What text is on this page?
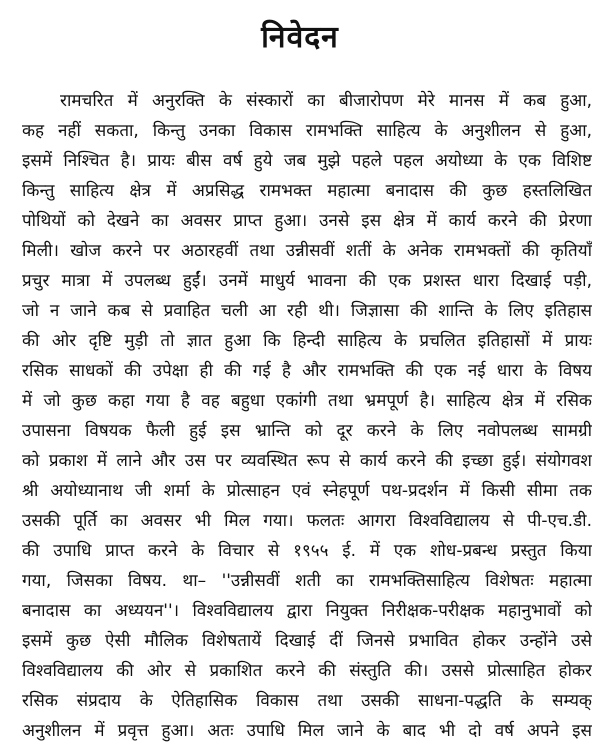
निवेदन
रामचरित में अनुरक्ति के संस्कारों का बीजारोपण मेरे मानस में कब हुआ,
कह नहीं सकता, किन्तु उनका विकास रामभक्ति साहित्य के अनुशीलन से हुआ,
इसमें निश्चित है। प्रायः बीस वर्ष हुये जब मुझे पहले पहल अयोध्या के एक विशिष्ट
किन्तु साहित्य क्षेत्र में अप्रसिद्ध रामभक्त महात्मा बनादास की कुछ हस्तलिखित
पोथियों को देखने का अवसर प्राप्त हुआ। उनसे इस क्षेत्र में कार्य करने की प्रेरणा
मिली। खोज करने पर अठारहवीं तथा उन्नीसवीं शतीं के अनेक रामभक्तों की कृतियाँ
प्रचुर मात्रा में उपलब्ध हुईं। उनमें माधुर्य भावना की एक प्रशस्त धारा दिखाई पड़ी,
जो न जाने कब से प्रवाहित चली आ रही थी। जिज्ञासा की शान्ति के लिए इतिहास
की ओर दृष्टि मुड़ी तो ज्ञात हुआ कि हिन्दी साहित्य के प्रचलित इतिहासों में प्रायः
रसिक साधकों की उपेक्षा ही की गई है और रामभक्ति की एक नई धारा के विषय
में जो कुछ कहा गया है वह बहुधा एकांगी तथा भ्रमपूर्ण है। साहित्य क्षेत्र में रसिक
उपासना विषयक फैली हुई इस भ्रान्ति को दूर करने के लिए नवोपलब्ध सामग्री
को प्रकाश में लाने और उस पर व्यवस्थित रूप से कार्य करने की इच्छा हुई। संयोगवश
श्री अयोध्यानाथ जी शर्मा के प्रोत्साहन एवं स्नेहपूर्ण पथ-प्रदर्शन में किसी सीमा तक
उसकी पूर्ति का अवसर भी मिल गया। फलतः आगरा विश्वविद्यालय से पी-एच.डी.
की उपाधि प्राप्त करने के विचार से १९५५ ई. में एक शोध-प्रबन्ध प्रस्तुत किया
गया, जिसका विषय. था– ''उन्नीसवीं शती का रामभक्तिसाहित्य विशेषतः महात्मा
बनादास का अध्ययन''। विश्वविद्यालय द्वारा नियुक्त निरीक्षक-परीक्षक महानुभावों को
इसमें कुछ ऐसी मौलिक विशेषतायें दिखाई दीं जिनसे प्रभावित होकर उन्होंने उसे
विश्वविद्यालय की ओर से प्रकाशित करने की संस्तुति की। उससे प्रोत्साहित होकर
रसिक संप्रदाय के ऐतिहासिक विकास तथा उसकी साधना-पद्धति के सम्यक्
अनुशीलन में प्रवृत्त हुआ। अतः उपाधि मिल जाने के बाद भी दो वर्ष अपने इस
